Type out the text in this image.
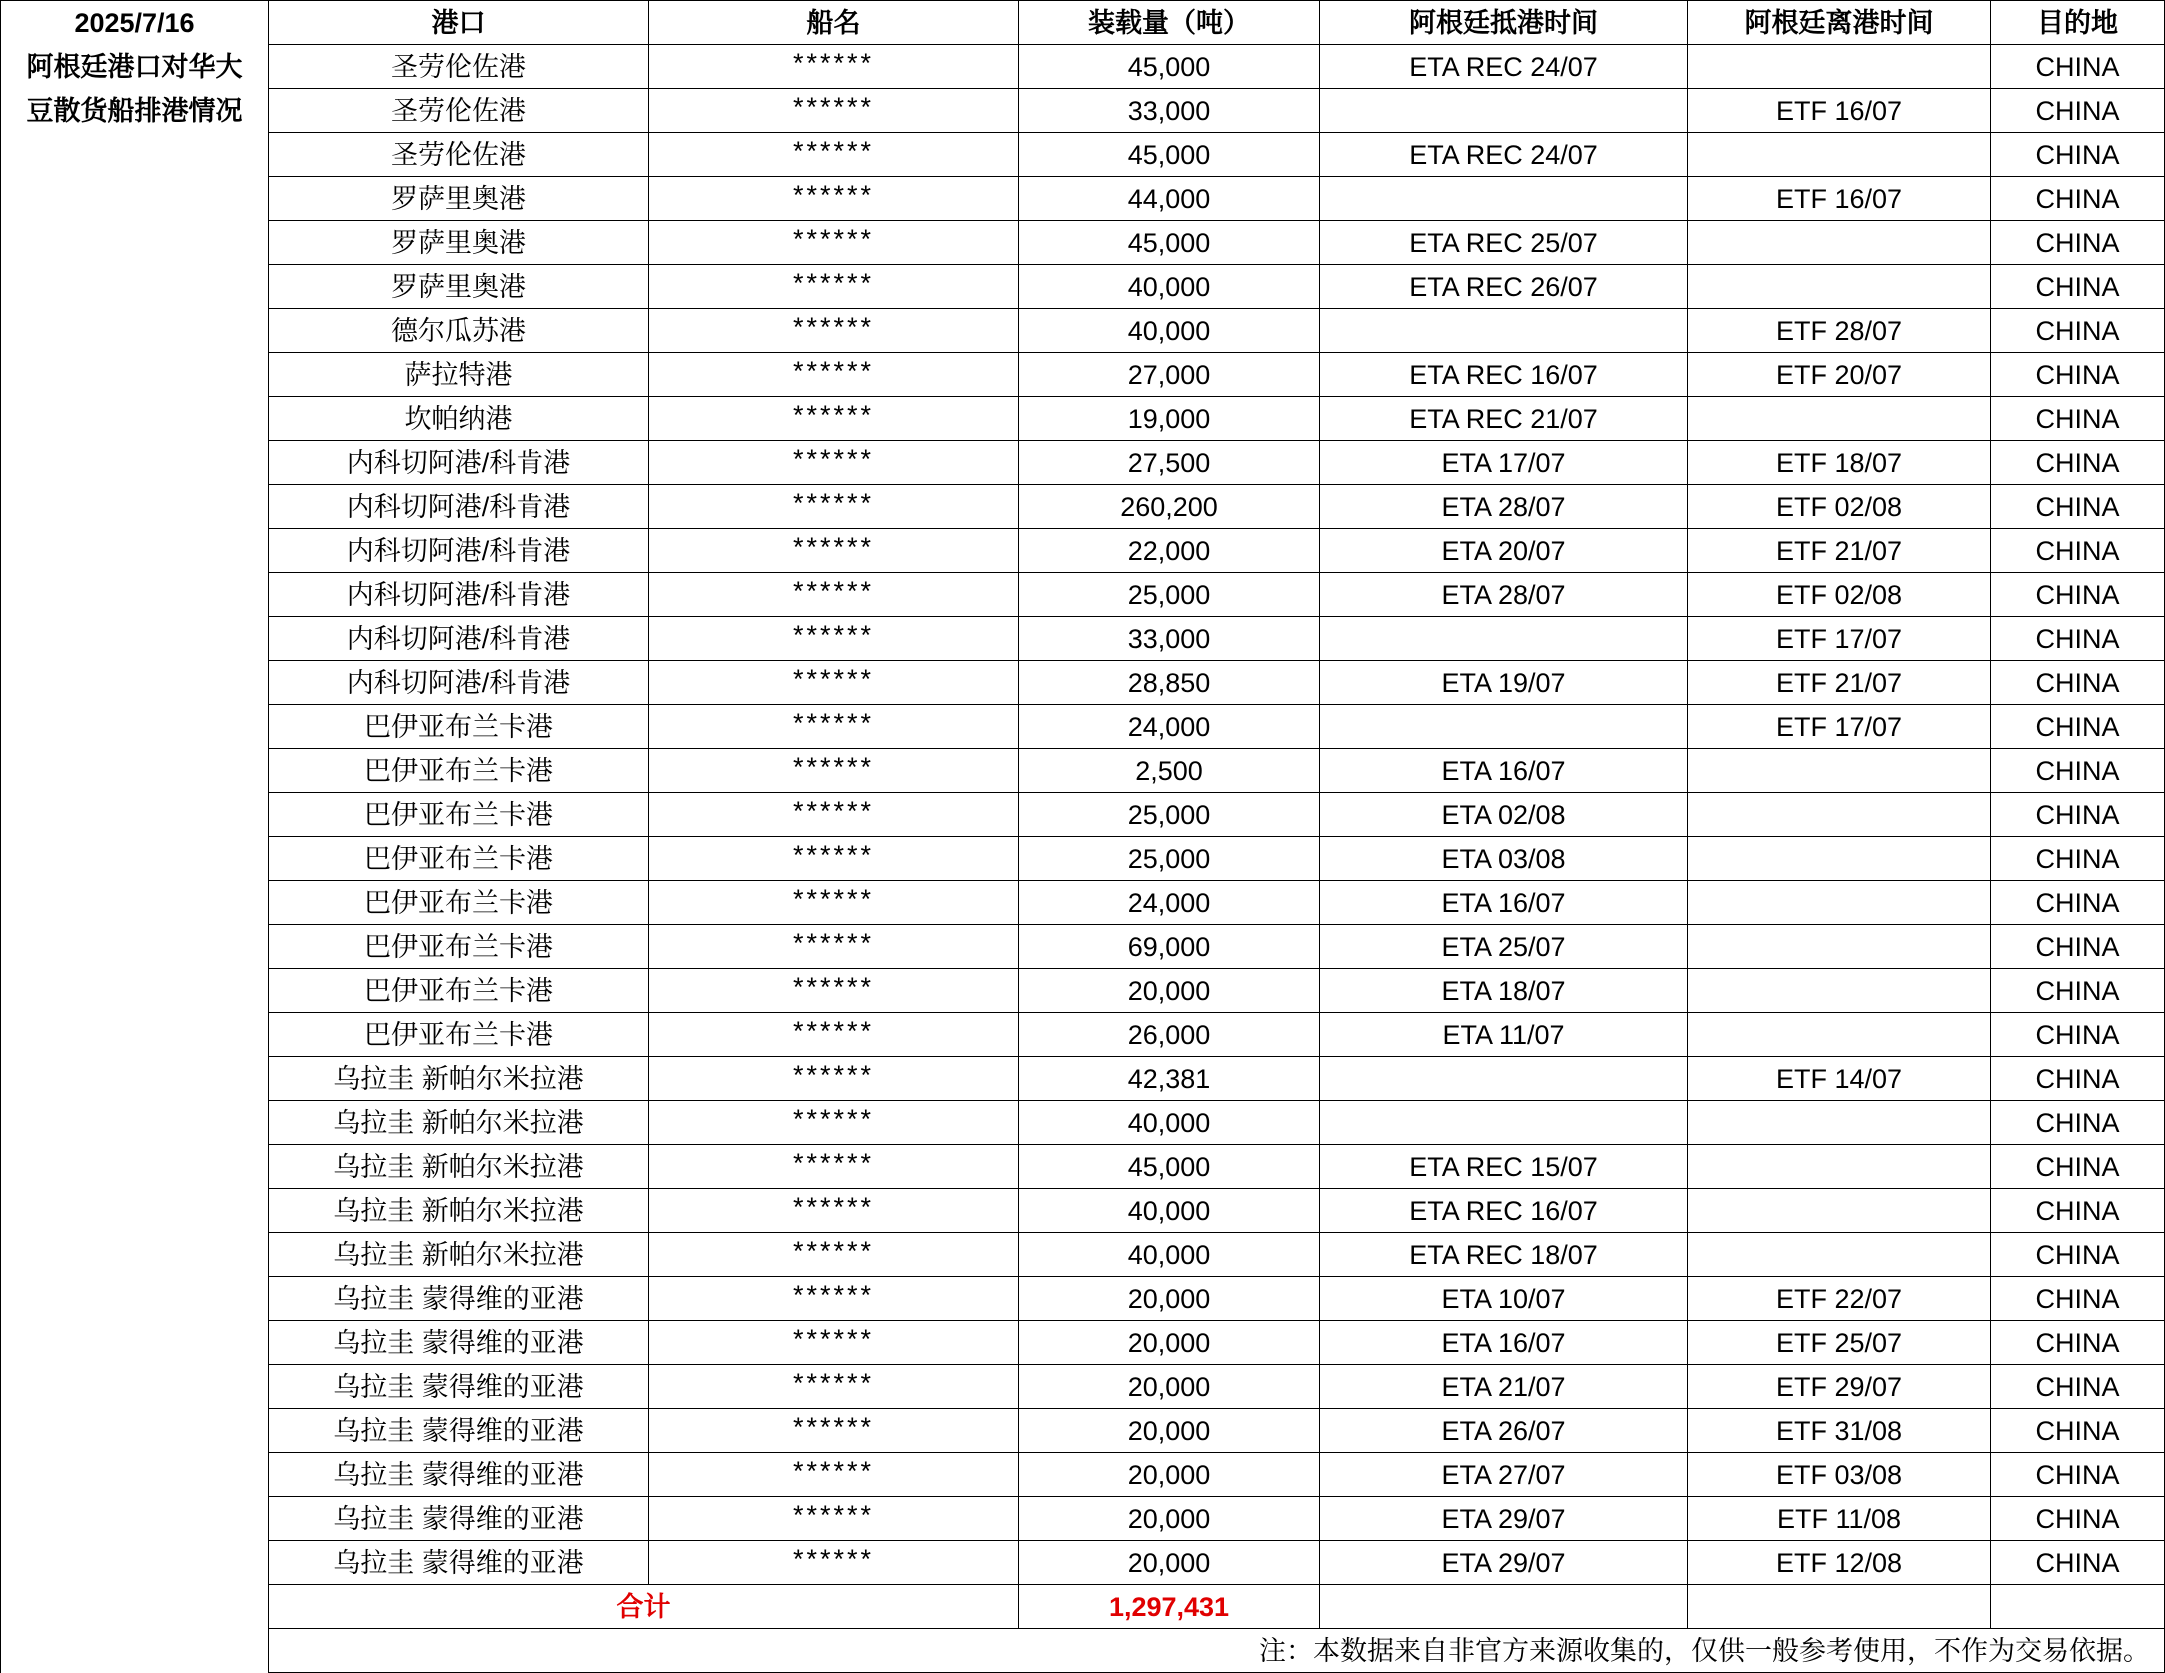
2025/7/16
阿根廷港口对华大
豆散货船排港情况
港口	船名	装载量（吨）	阿根廷抵港时间	阿根廷离港时间	目的地
圣劳伦佐港	******	45,000	ETA REC 24/07		CHINA
圣劳伦佐港	******	33,000		ETF 16/07	CHINA
圣劳伦佐港	******	45,000	ETA REC 24/07		CHINA
罗萨里奥港	******	44,000		ETF 16/07	CHINA
罗萨里奥港	******	45,000	ETA REC 25/07		CHINA
罗萨里奥港	******	40,000	ETA REC 26/07		CHINA
德尔瓜苏港	******	40,000		ETF 28/07	CHINA
萨拉特港	******	27,000	ETA REC 16/07	ETF 20/07	CHINA
坎帕纳港	******	19,000	ETA REC 21/07		CHINA
内科切阿港/科肯港	******	27,500	ETA 17/07	ETF 18/07	CHINA
内科切阿港/科肯港	******	260,200	ETA 28/07	ETF 02/08	CHINA
内科切阿港/科肯港	******	22,000	ETA 20/07	ETF 21/07	CHINA
内科切阿港/科肯港	******	25,000	ETA 28/07	ETF 02/08	CHINA
内科切阿港/科肯港	******	33,000		ETF 17/07	CHINA
内科切阿港/科肯港	******	28,850	ETA 19/07	ETF 21/07	CHINA
巴伊亚布兰卡港	******	24,000		ETF 17/07	CHINA
巴伊亚布兰卡港	******	2,500	ETA 16/07		CHINA
巴伊亚布兰卡港	******	25,000	ETA 02/08		CHINA
巴伊亚布兰卡港	******	25,000	ETA 03/08		CHINA
巴伊亚布兰卡港	******	24,000	ETA 16/07		CHINA
巴伊亚布兰卡港	******	69,000	ETA 25/07		CHINA
巴伊亚布兰卡港	******	20,000	ETA 18/07		CHINA
巴伊亚布兰卡港	******	26,000	ETA 11/07		CHINA
乌拉圭 新帕尔米拉港	******	42,381		ETF 14/07	CHINA
乌拉圭 新帕尔米拉港	******	40,000			CHINA
乌拉圭 新帕尔米拉港	******	45,000	ETA REC 15/07		CHINA
乌拉圭 新帕尔米拉港	******	40,000	ETA REC 16/07		CHINA
乌拉圭 新帕尔米拉港	******	40,000	ETA REC 18/07		CHINA
乌拉圭 蒙得维的亚港	******	20,000	ETA 10/07	ETF 22/07	CHINA
乌拉圭 蒙得维的亚港	******	20,000	ETA 16/07	ETF 25/07	CHINA
乌拉圭 蒙得维的亚港	******	20,000	ETA 21/07	ETF 29/07	CHINA
乌拉圭 蒙得维的亚港	******	20,000	ETA 26/07	ETF 31/08	CHINA
乌拉圭 蒙得维的亚港	******	20,000	ETA 27/07	ETF 03/08	CHINA
乌拉圭 蒙得维的亚港	******	20,000	ETA 29/07	ETF 11/08	CHINA
乌拉圭 蒙得维的亚港	******	20,000	ETA 29/07	ETF 12/08	CHINA
合计		1,297,431			
注：本数据来自非官方来源收集的，仅供一般参考使用，不作为交易依据。					
